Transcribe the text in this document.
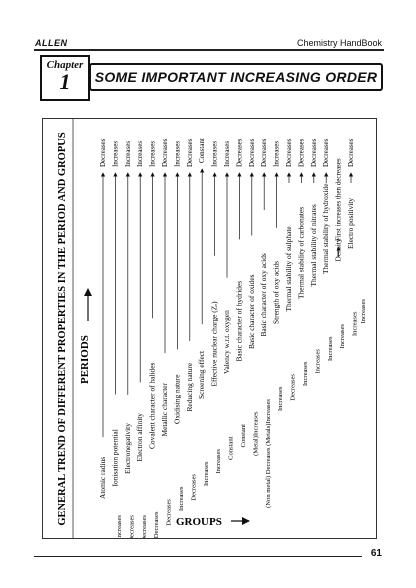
ALLEN	Chemistry HandBook
Chapter
1	SOME IMPORTANT INCREASING ORDER
GENERAL TREND OF DIFFERENT PROPERTIES IN THE PERIOD AND GROPUS PERIODS
GROUPS
Atomic radius
Decreases
Increases
Ionisation potential
Increases
Decreases
Electronegativity
Increases
Decreases
Electron affinity
Increases
Decreases
Covalent character of halides
Increases
Decreases
Metallic character
Decreases
Increases
Oxidising nature
Increases
Decreases
Reducing nature
Decreases
Increases
Screening effect
Constant
Increases
Effective nuclear charge (Zₑ)
Increases
Constant
Valency w.r.t. oxygen
Increases
Constant
Basic character of hydrides
Decreases
(Metal)Increases
Basic character of oxides
Decreases
(Non metal) Decreases (Metals)Increases
Basic character of oxy acids
Decreases
Increases
Strength of oxy acids
Increases
Decreases
Thermal stability of sulphate
Decreases
Increases
Thermal stability of carbonates
Decreases
Increases
Thermal stability of nitrates
Decreases
Increases
Thermal stability of hydroxide
Decreases
Increases
Density
First increases then decreases
Increases
Electro positivity
Decreases
Increases
61
